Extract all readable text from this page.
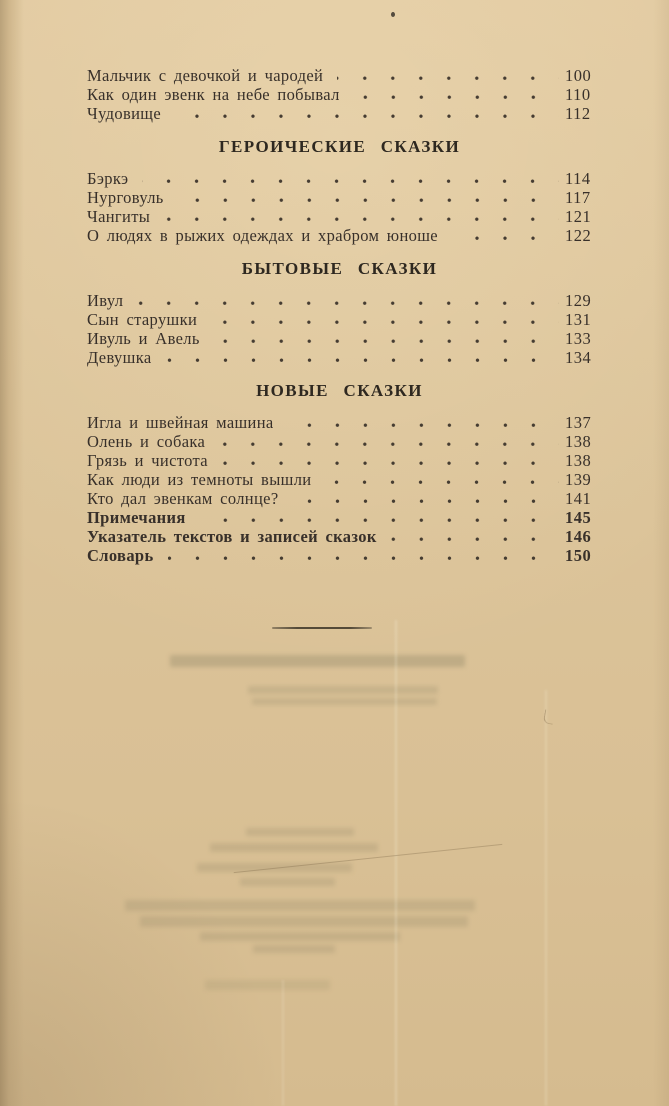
Мальчик с девочкой и чародей	100
Как один эвенк на небе побывал	110
Чудовище	112
ГЕРОИЧЕСКИЕ СКАЗКИ
Бэркэ	114
Нурговуль	117
Чангиты	121
О людях в рыжих одеждах и храбром юноше	122
БЫТОВЫЕ СКАЗКИ
Ивул	129
Сын старушки	131
Ивуль и Авель	133
Девушка	134
НОВЫЕ СКАЗКИ
Игла и швейная машина	137
Олень и собака	138
Грязь и чистота	138
Как люди из темноты вышли	139
Кто дал эвенкам солнце?	141
Примечания	145
Указатель текстов и записей сказок	146
Словарь	150
